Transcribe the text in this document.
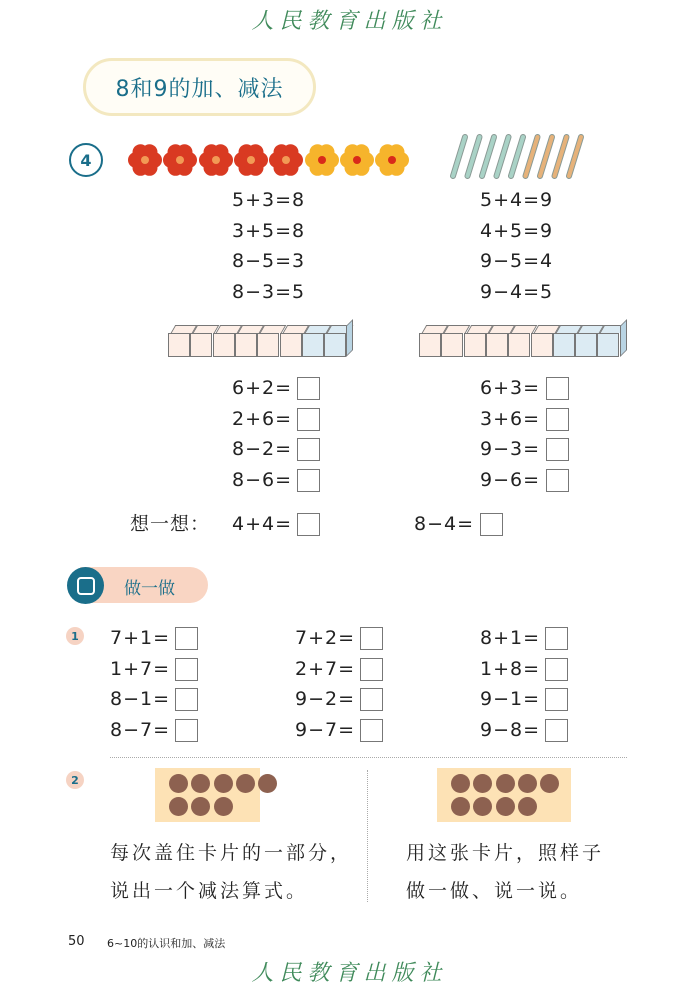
人民教育出版社
8和9的加、减法
4
想一想： 4+4=	8−4=
做一做
1
2
每次盖住卡片的一部分，
说出一个减法算式。
用这张卡片，照样子
做一做、说一说。
50 6~10的认识和加、减法
人民教育出版社
5+3=8
3+5=8
8−5=3
8−3=5
5+4=9
4+5=9
9−5=4
9−4=5
6+2=
2+6=
8−2=
8−6=
6+3=
3+6=
9−3=
9−6=
7+1=
1+7=
8−1=
8−7=
7+2=
2+7=
9−2=
9−7=
8+1=
1+8=
9−1=
9−8=
